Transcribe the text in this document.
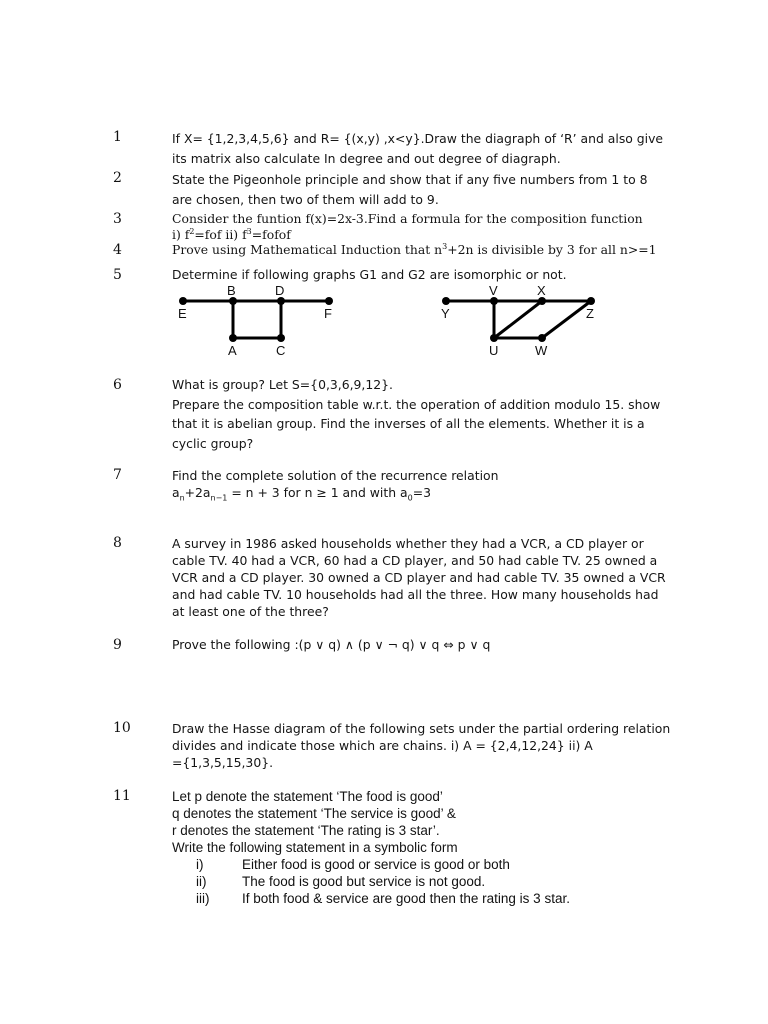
1	If X= {1,2,3,4,5,6} and R= {(x,y) ,x<y}.Draw the diagraph of ‘R’ and also give

its matrix also calculate In degree and out degree of diagraph.

2	State the Pigeonhole principle and show that if any five numbers from 1 to 8

are chosen, then two of them will add to 9.

3	Consider the funtion f(x)=2x-3.Find a formula for the composition function

i) $f^2=fof$ ii) $f^3=fofof$

4	Prove using Mathematical Induction that $n^3+2n$ is divisible by 3 for all n>=1
5	Determine if following graphs G1 and G2 are isomorphic or not.
B	D
E	F
A	C
V	X
Y	Z
U	W
6	What is group? Let S={0,3,6,9,12}.

Prepare the composition table w.r.t. the operation of addition modulo 15. show

that it is abelian group. Find the inverses of all the elements. Whether it is a

cyclic group?

7	Find the complete solution of the recurrence relation

$a_n+2a_{n-1} = n + 3$ for n ≥ 1 and with $a_0=3$

8	A survey in 1986 asked households whether they had a VCR, a CD player or

cable TV. 40 had a VCR, 60 had a CD player, and 50 had cable TV. 25 owned a

VCR and a CD player. 30 owned a CD player and had cable TV. 35 owned a VCR

and had cable TV. 10 households had all the three. How many households had

at least one of the three?

9	Prove the following :(p ∨ q) ∧ (p ∨ ¬ q) ∨ q ⇔ p ∨ q
10	Draw the Hasse diagram of the following sets under the partial ordering relation

divides and indicate those which are chains. i) A = {2,4,12,24} ii) A

={1,3,5,15,30}.

11	Let p denote the statement ‘The food is good’

q denotes the statement ‘The service is good’ &

r denotes the statement ‘The rating is 3 star’.

Write the following statement in a symbolic form

i)	Either food is good or service is good or both
ii)	The food is good but service is not good.
iii)	If both food & service are good then the rating is 3 star.
